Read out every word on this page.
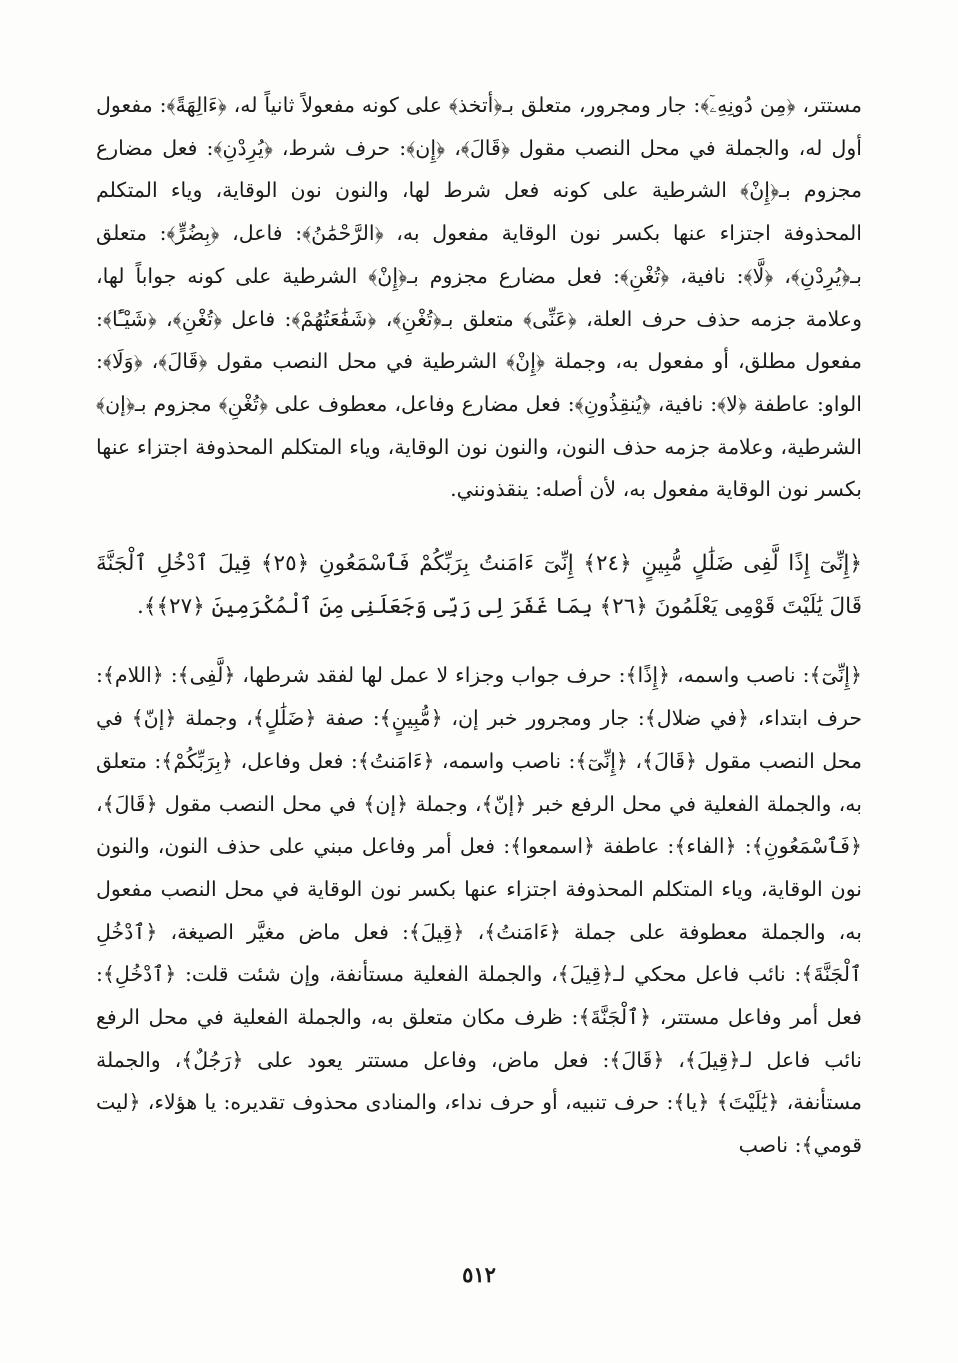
مستتر، ﴿مِن دُونِهِۦٓ﴾: جار ومجرور، متعلق بـ﴿أتخذ﴾ على كونه مفعولاً ثانياً له، ﴿ءَالِهَةً﴾: مفعول أول له، والجملة في محل النصب مقول ﴿قَالَ﴾، ﴿إِن﴾: حرف شرط، ﴿يُرِدْنِ﴾: فعل مضارع مجزوم بـ﴿إِنْ﴾ الشرطية على كونه فعل شرط لها، والنون نون الوقاية، وياء المتكلم المحذوفة اجتزاء عنها بكسر نون الوقاية مفعول به، ﴿الرَّحْمَٰنُ﴾: فاعل، ﴿بِضُرٍّ﴾: متعلق بـ﴿يُرِدْنِ﴾، ﴿لَّا﴾: نافية، ﴿تُغْنِ﴾: فعل مضارع مجزوم بـ﴿إِنْ﴾ الشرطية على كونه جواباً لها، وعلامة جزمه حذف حرف العلة، ﴿عَنِّى﴾ متعلق بـ﴿تُغْنِ﴾، ﴿شَفَٰعَتُهُمْ﴾: فاعل ﴿تُغْنِ﴾، ﴿شَيْـًٔا﴾: مفعول مطلق، أو مفعول به، وجملة ﴿إِنْ﴾ الشرطية في محل النصب مقول ﴿قَالَ﴾، ﴿وَلَا﴾: الواو: عاطفة ﴿لا﴾: نافية، ﴿يُنقِذُونِ﴾: فعل مضارع وفاعل، معطوف على ﴿تُغْنِ﴾ مجزوم بـ﴿إن﴾ الشرطية، وعلامة جزمه حذف النون، والنون نون الوقاية، وياء المتكلم المحذوفة اجتزاء عنها بكسر نون الوقاية مفعول به، لأن أصله: ينقذونني.

﴿إِنِّىٓ إِذًا لَّفِى ضَلَٰلٍ مُّبِينٍ ﴿٢٤﴾ إِنِّىٓ ءَامَنتُ بِرَبِّكُمْ فَٱسْمَعُونِ ﴿٢٥﴾ قِيلَ ٱدْخُلِ ٱلْجَنَّةَ قَالَ يَٰلَيْتَ قَوْمِى يَعْلَمُونَ ﴿٢٦﴾ بِمَا غَفَرَ لِى رَبِّى وَجَعَلَنِى مِنَ ٱلْمُكْرَمِينَ ﴿٢٧﴾﴾.

﴿إِنِّىٓ﴾: ناصب واسمه، ﴿إِذًا﴾: حرف جواب وجزاء لا عمل لها لفقد شرطها، ﴿لَّفِى﴾: ﴿اللام﴾: حرف ابتداء، ﴿في ضلال﴾: جار ومجرور خبر إن، ﴿مُّبِينٍ﴾: صفة ﴿ضَلَٰلٍ﴾، وجملة ﴿إنّ﴾ في محل النصب مقول ﴿قَالَ﴾، ﴿إِنِّىٓ﴾: ناصب واسمه، ﴿ءَامَنتُ﴾: فعل وفاعل، ﴿بِرَبِّكُمْ﴾: متعلق به، والجملة الفعلية في محل الرفع خبر ﴿إنّ﴾، وجملة ﴿إن﴾ في محل النصب مقول ﴿قَالَ﴾، ﴿فَٱسْمَعُونِ﴾: ﴿الفاء﴾: عاطفة ﴿اسمعوا﴾: فعل أمر وفاعل مبني على حذف النون، والنون نون الوقاية، وياء المتكلم المحذوفة اجتزاء عنها بكسر نون الوقاية في محل النصب مفعول به، والجملة معطوفة على جملة ﴿ءَامَنتُ﴾، ﴿قِيلَ﴾: فعل ماض مغيَّر الصيغة، ﴿ٱدْخُلِ ٱلْجَنَّةَ﴾: نائب فاعل محكي لـ﴿قِيلَ﴾، والجملة الفعلية مستأنفة، وإن شئت قلت: ﴿ٱدْخُلِ﴾: فعل أمر وفاعل مستتر، ﴿ٱلْجَنَّةَ﴾: ظرف مكان متعلق به، والجملة الفعلية في محل الرفع نائب فاعل لـ﴿قِيلَ﴾، ﴿قَالَ﴾: فعل ماض، وفاعل مستتر يعود على ﴿رَجُلٌ﴾، والجملة مستأنفة، ﴿يَٰلَيْتَ﴾ ﴿يا﴾: حرف تنبيه، أو حرف نداء، والمنادى محذوف تقديره: يا هؤلاء، ﴿ليت قومي﴾: ناصب

٥١٢
